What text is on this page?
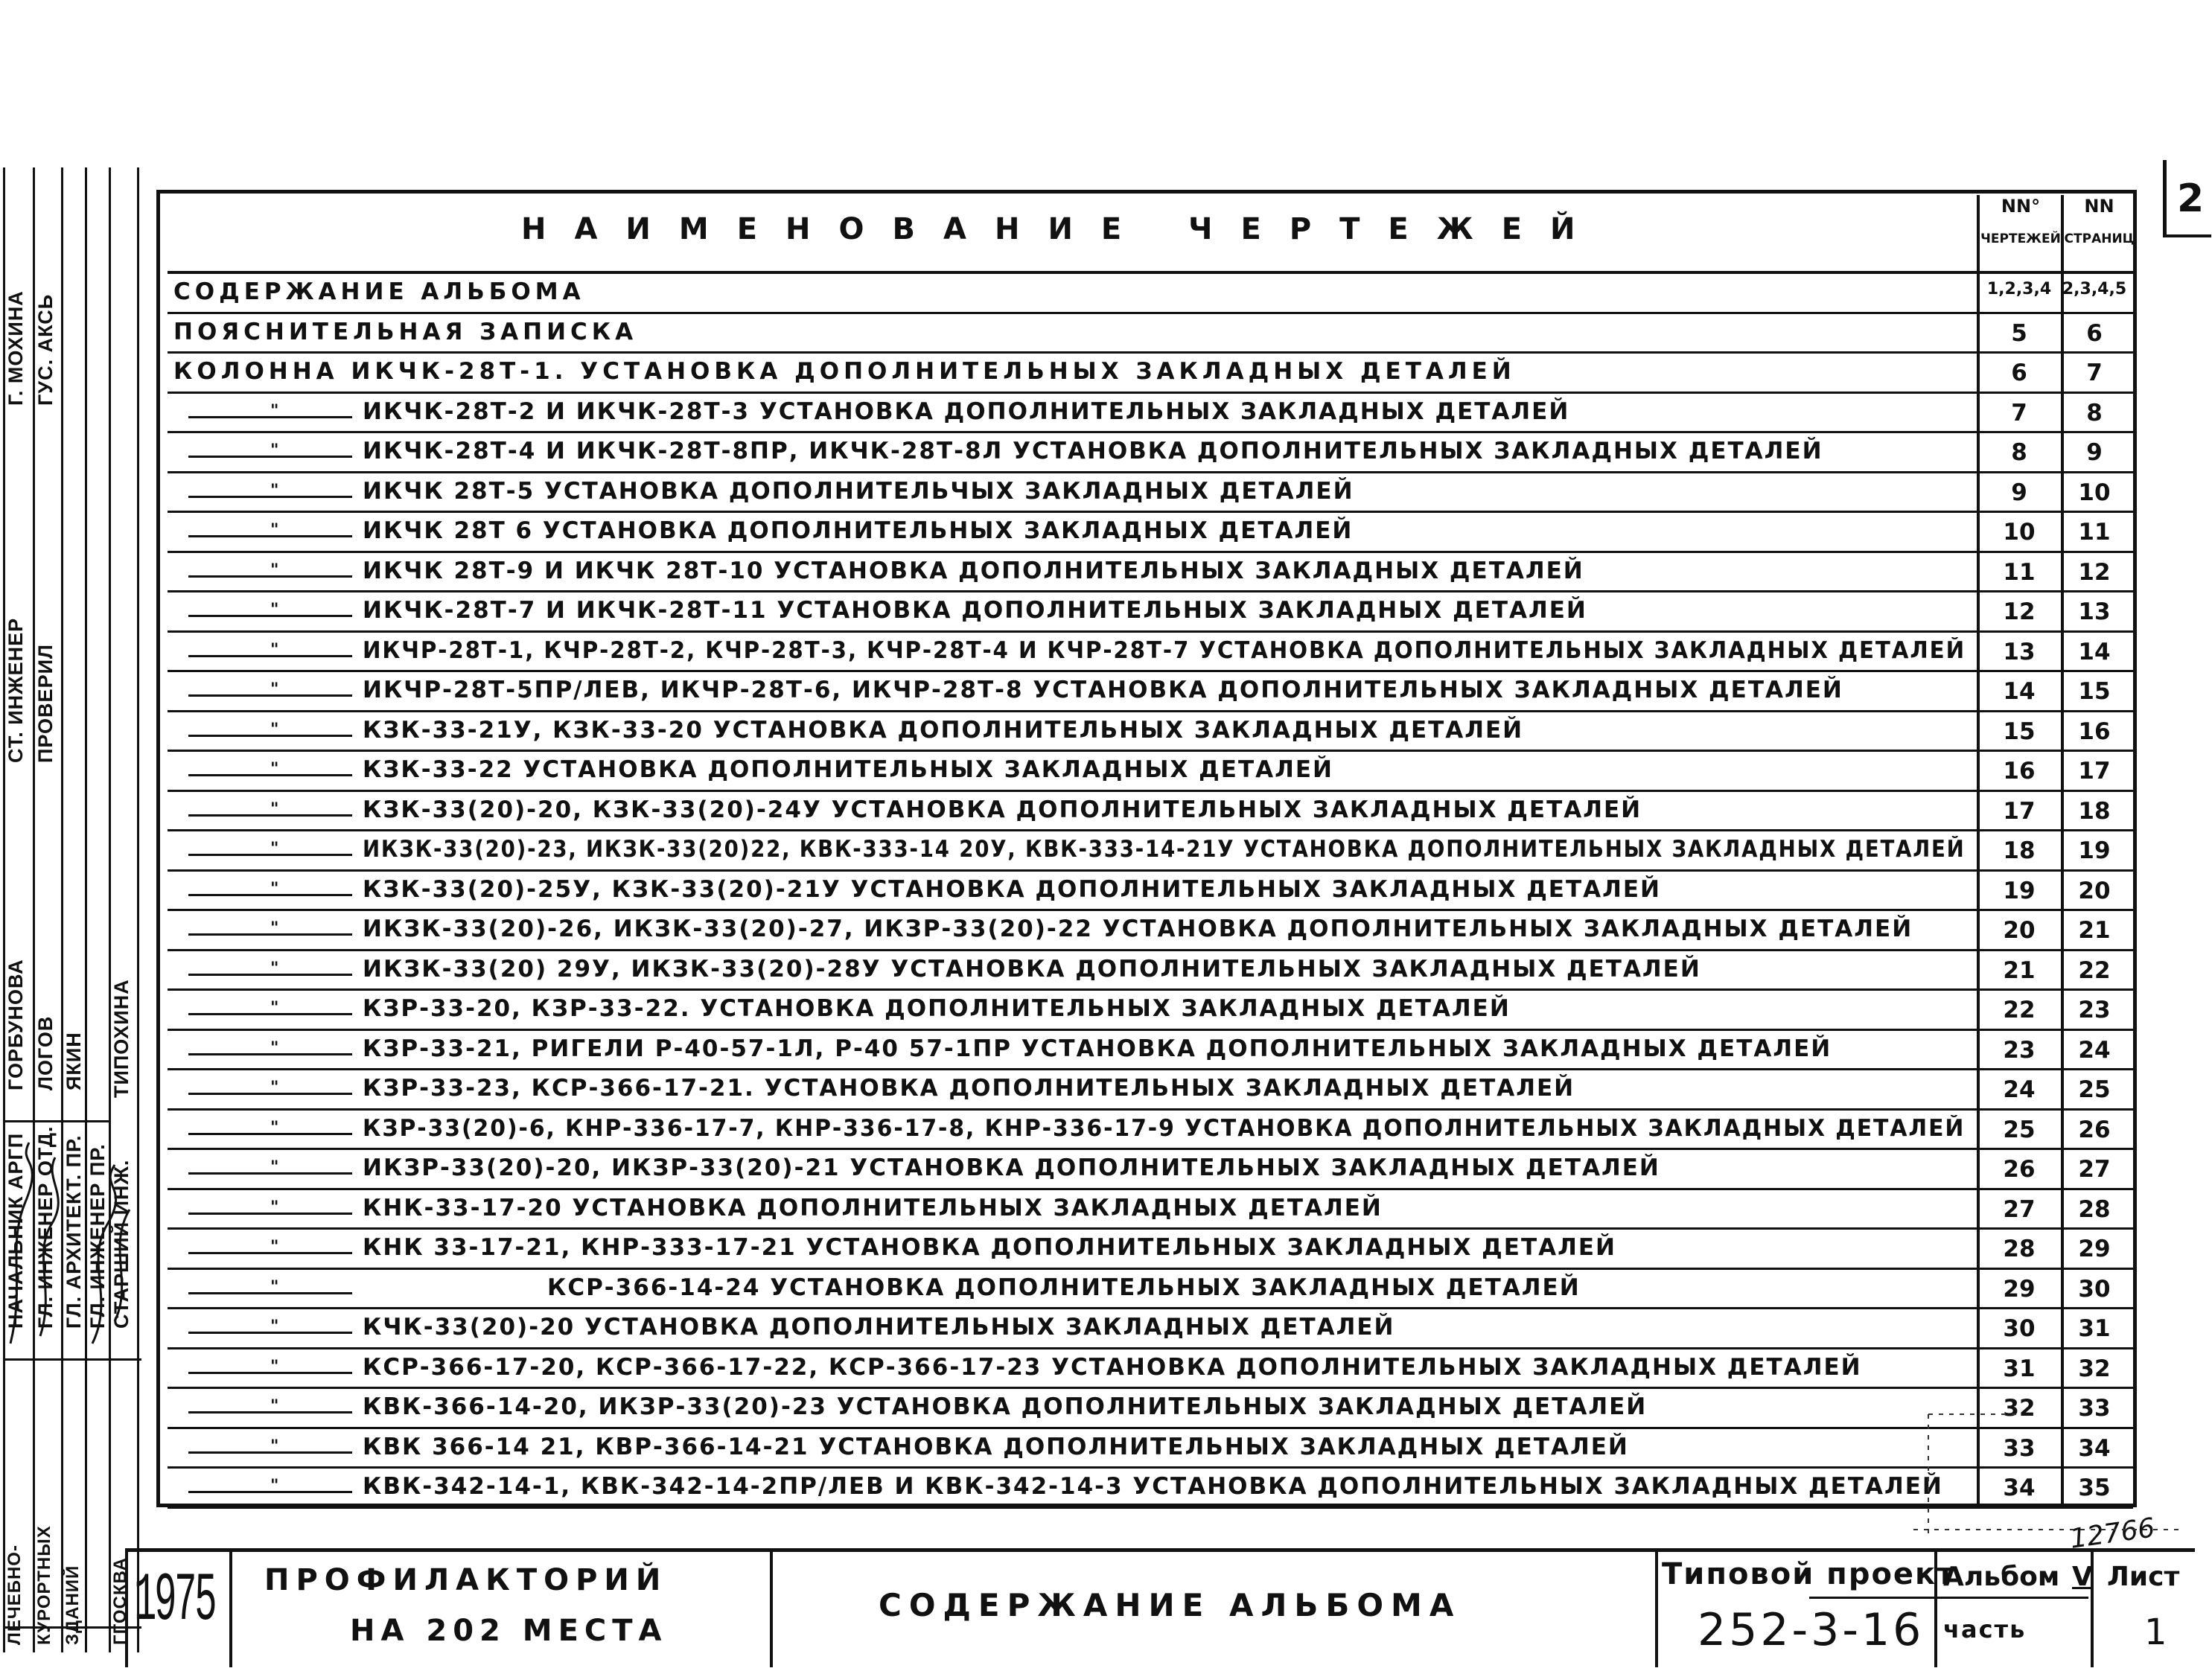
2
НАЧАЛЬНИК АРГП ГЛ. ИНЖЕНЕР ОТД. ГЛ. АРХИТЕКТ. ПР. ГЛ. ИНЖЕНЕР ПР. СТАРШИЙ ИНЖ.
СТ. ИНЖЕНЕР ПРОВЕРИЛ
ГОРБУНОВА ЛОГОВ ЯКИН ТИПОХИНА
Г. МОХИНА ГУС. АКСЬ
ЛЕЧЕБНО- КУРОРТНЫХ ЗДАНИЙ ГГОСКВА
НАИМЕНОВАНИЕ ЧЕРТЕЖЕЙ
NN°
ЧЕРТЕЖЕЙ
NN
СТРАНИЦ
СОДЕРЖАНИЕ АЛЬБОМА	1,2,3,4 2,3,4,5
ПОЯСНИТЕЛЬНАЯ ЗАПИСКА	5	6
КОЛОННА ИКЧК-28Т-1. УСТАНОВКА ДОПОЛНИТЕЛЬНЫХ ЗАКЛАДНЫХ ДЕТАЛЕЙ	6	7
"	ИКЧК-28Т-2 И ИКЧК-28Т-3 УСТАНОВКА ДОПОЛНИТЕЛЬНЫХ ЗАКЛАДНЫХ ДЕТАЛЕЙ	7	8
"	ИКЧК-28Т-4 И ИКЧК-28Т-8ПР, ИКЧК-28Т-8Л УСТАНОВКА ДОПОЛНИТЕЛЬНЫХ ЗАКЛАДНЫХ ДЕТАЛЕЙ	8	9
"	ИКЧК 28Т-5 УСТАНОВКА ДОПОЛНИТЕЛЬЧЫХ ЗАКЛАДНЫХ ДЕТАЛЕЙ	9	10
"	ИКЧК 28Т 6 УСТАНОВКА ДОПОЛНИТЕЛЬНЫХ ЗАКЛАДНЫХ ДЕТАЛЕЙ	10	11
"	ИКЧК 28Т-9 И ИКЧК 28Т-10 УСТАНОВКА ДОПОЛНИТЕЛЬНЫХ ЗАКЛАДНЫХ ДЕТАЛЕЙ	11	12
"	ИКЧК-28Т-7 И ИКЧК-28Т-11 УСТАНОВКА ДОПОЛНИТЕЛЬНЫХ ЗАКЛАДНЫХ ДЕТАЛЕЙ	12	13
"	ИКЧР-28Т-1, КЧР-28Т-2, КЧР-28Т-3, КЧР-28Т-4 И КЧР-28Т-7 УСТАНОВКА ДОПОЛНИТЕЛЬНЫХ ЗАКЛАДНЫХ ДЕТАЛЕЙ	13	14
"	ИКЧР-28Т-5ПР/ЛЕВ, ИКЧР-28Т-6, ИКЧР-28Т-8 УСТАНОВКА ДОПОЛНИТЕЛЬНЫХ ЗАКЛАДНЫХ ДЕТАЛЕЙ	14	15
"	КЗК-33-21У, КЗК-33-20 УСТАНОВКА ДОПОЛНИТЕЛЬНЫХ ЗАКЛАДНЫХ ДЕТАЛЕЙ	15	16
"	КЗК-33-22 УСТАНОВКА ДОПОЛНИТЕЛЬНЫХ ЗАКЛАДНЫХ ДЕТАЛЕЙ	16	17
"	КЗК-33(20)-20, КЗК-33(20)-24У УСТАНОВКА ДОПОЛНИТЕЛЬНЫХ ЗАКЛАДНЫХ ДЕТАЛЕЙ	17	18
"	ИКЗК-33(20)-23, ИКЗК-33(20)22, КВК-333-14 20У, КВК-333-14-21У УСТАНОВКА ДОПОЛНИТЕЛЬНЫХ ЗАКЛАДНЫХ ДЕТАЛЕЙ	18	19
"	КЗК-33(20)-25У, КЗК-33(20)-21У УСТАНОВКА ДОПОЛНИТЕЛЬНЫХ ЗАКЛАДНЫХ ДЕТАЛЕЙ	19	20
"	ИКЗК-33(20)-26, ИКЗК-33(20)-27, ИКЗР-33(20)-22 УСТАНОВКА ДОПОЛНИТЕЛЬНЫХ ЗАКЛАДНЫХ ДЕТАЛЕЙ	20	21
"	ИКЗК-33(20) 29У, ИКЗК-33(20)-28У УСТАНОВКА ДОПОЛНИТЕЛЬНЫХ ЗАКЛАДНЫХ ДЕТАЛЕЙ	21	22
"	КЗР-33-20, КЗР-33-22. УСТАНОВКА ДОПОЛНИТЕЛЬНЫХ ЗАКЛАДНЫХ ДЕТАЛЕЙ	22	23
"	КЗР-33-21, РИГЕЛИ Р-40-57-1Л, Р-40 57-1ПР УСТАНОВКА ДОПОЛНИТЕЛЬНЫХ ЗАКЛАДНЫХ ДЕТАЛЕЙ	23	24
"	КЗР-33-23, КСР-366-17-21. УСТАНОВКА ДОПОЛНИТЕЛЬНЫХ ЗАКЛАДНЫХ ДЕТАЛЕЙ	24	25
"	КЗР-33(20)-6, КНР-336-17-7, КНР-336-17-8, КНР-336-17-9 УСТАНОВКА ДОПОЛНИТЕЛЬНЫХ ЗАКЛАДНЫХ ДЕТАЛЕЙ	25	26
"	ИКЗР-33(20)-20, ИКЗР-33(20)-21 УСТАНОВКА ДОПОЛНИТЕЛЬНЫХ ЗАКЛАДНЫХ ДЕТАЛЕЙ	26	27
"	КНК-33-17-20 УСТАНОВКА ДОПОЛНИТЕЛЬНЫХ ЗАКЛАДНЫХ ДЕТАЛЕЙ	27	28
"	КНК 33-17-21, КНР-333-17-21 УСТАНОВКА ДОПОЛНИТЕЛЬНЫХ ЗАКЛАДНЫХ ДЕТАЛЕЙ	28	29
"	КСР-366-14-24 УСТАНОВКА ДОПОЛНИТЕЛЬНЫХ ЗАКЛАДНЫХ ДЕТАЛЕЙ	29	30
"	КЧК-33(20)-20 УСТАНОВКА ДОПОЛНИТЕЛЬНЫХ ЗАКЛАДНЫХ ДЕТАЛЕЙ	30	31
"	КСР-366-17-20, КСР-366-17-22, КСР-366-17-23 УСТАНОВКА ДОПОЛНИТЕЛЬНЫХ ЗАКЛАДНЫХ ДЕТАЛЕЙ	31	32
"	КВК-366-14-20, ИКЗР-33(20)-23 УСТАНОВКА ДОПОЛНИТЕЛЬНЫХ ЗАКЛАДНЫХ ДЕТАЛЕЙ	32	33
"	КВК 366-14 21, КВР-366-14-21 УСТАНОВКА ДОПОЛНИТЕЛЬНЫХ ЗАКЛАДНЫХ ДЕТАЛЕЙ	33	34
"	КВК-342-14-1, КВК-342-14-2ПР/ЛЕВ И КВК-342-14-3 УСТАНОВКА ДОПОЛНИТЕЛЬНЫХ ЗАКЛАДНЫХ ДЕТАЛЕЙ	34	35
12766
1975 ПРОФИЛАКТОРИЙ
НА 202 МЕСТА
СОДЕРЖАНИЕ АЛЬБОМА
Типовой проект
252-3-16
Альбом V
часть
Лист
1
